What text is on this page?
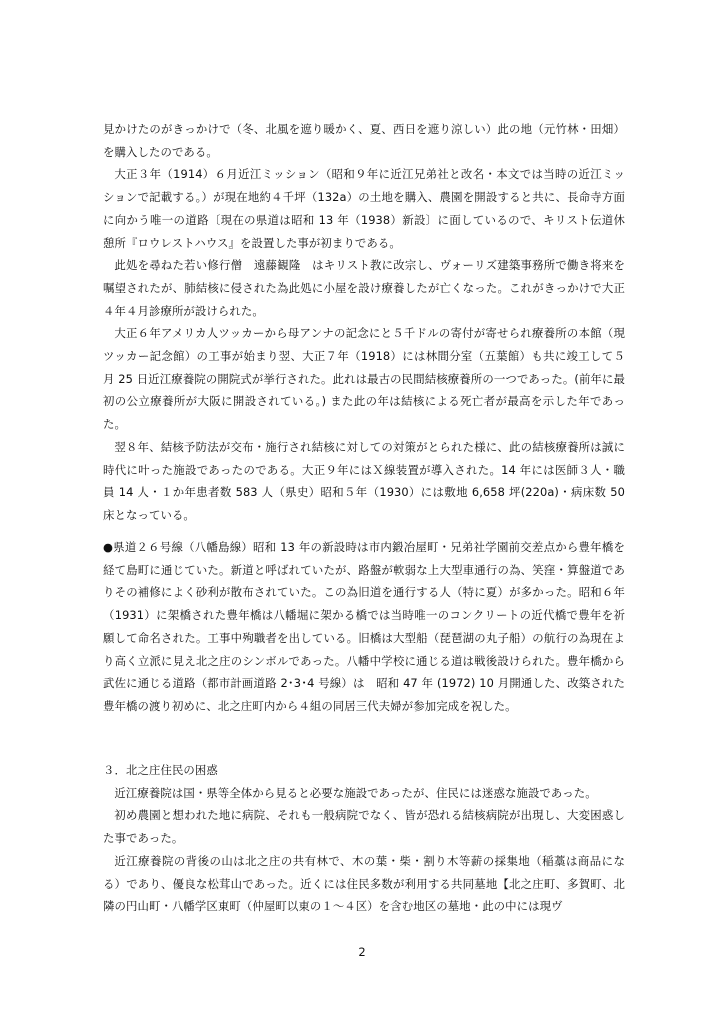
見かけたのがきっかけで（冬、北風を遮り暖かく、夏、西日を遮り涼しい）此の地（元竹林・田畑）を購入したのである。

大正３年（1914）６月近江ミッション（昭和９年に近江兄弟社と改名・本文では当時の近江ミッションで記載する。）が現在地約４千坪（132a）の土地を購入、農園を開設すると共に、長命寺方面に向かう唯一の道路〔現在の県道は昭和 13 年（1938）新設〕に面しているので、キリスト伝道休憩所『ロウレストハウス』を設置した事が初まりである。

此処を尋ねた若い修行僧　遠藤観隆　はキリスト教に改宗し、ヴォーリズ建築事務所で働き将来を嘱望されたが、肺結核に侵された為此処に小屋を設け療養したが亡くなった。これがきっかけで大正４年４月診療所が設けられた。

大正６年アメリカ人ツッカーから母アンナの記念にと５千ドルの寄付が寄せられ療養所の本館（現ツッカー記念館）の工事が始まり翌、大正７年（1918）には林間分室（五葉館）も共に竣工して５月 25 日近江療養院の開院式が挙行された。此れは最古の民間結核療養所の一つであった。(前年に最初の公立療養所が大阪に開設されている。) また此の年は結核による死亡者が最高を示した年であった。

翌８年、結核予防法が交布・施行され結核に対しての対策がとられた様に、此の結核療養所は誠に時代に叶った施設であったのである。大正９年にはＸ線装置が導入された。14 年には医師３人・職員 14 人・１か年患者数 583 人（県史）昭和５年（1930）には敷地 6,658 坪(220a)・病床数 50 床となっている。

●県道２６号線（八幡島線）昭和 13 年の新設時は市内鍛冶屋町・兄弟社学園前交差点から豊年橋を経て島町に通じていた。新道と呼ばれていたが、路盤が軟弱な上大型車通行の為、笑窪・算盤道でありその補修によく砂利が散布されていた。この為旧道を通行する人（特に夏）が多かった。昭和６年（1931）に架橋された豊年橋は八幡堀に架かる橋では当時唯一のコンクリートの近代橋で豊年を祈願して命名された。工事中殉職者を出している。旧橋は大型船（琵琶湖の丸子船）の航行の為現在より高く立派に見え北之庄のシンボルであった。八幡中学校に通じる道は戦後設けられた。豊年橋から武佐に通じる道路（都市計画道路 2･3･4 号線）は　昭和 47 年 (1972) 10 月開通した、改築された豊年橋の渡り初めに、北之庄町内から４組の同居三代夫婦が参加完成を祝した。

３．北之庄住民の困惑

近江療養院は国・県等全体から見ると必要な施設であったが、住民には迷惑な施設であった。

初め農園と想われた地に病院、それも一般病院でなく、皆が恐れる結核病院が出現し、大変困惑した事であった。

近江療養院の背後の山は北之庄の共有林で、木の葉・柴・割り木等薪の採集地（稲藁は商品になる）であり、優良な松茸山であった。近くには住民多数が利用する共同墓地【北之庄町、多賀町、北隣の円山町・八幡学区東町（仲屋町以東の１～４区）を含む地区の墓地・此の中には現ヴ

2
